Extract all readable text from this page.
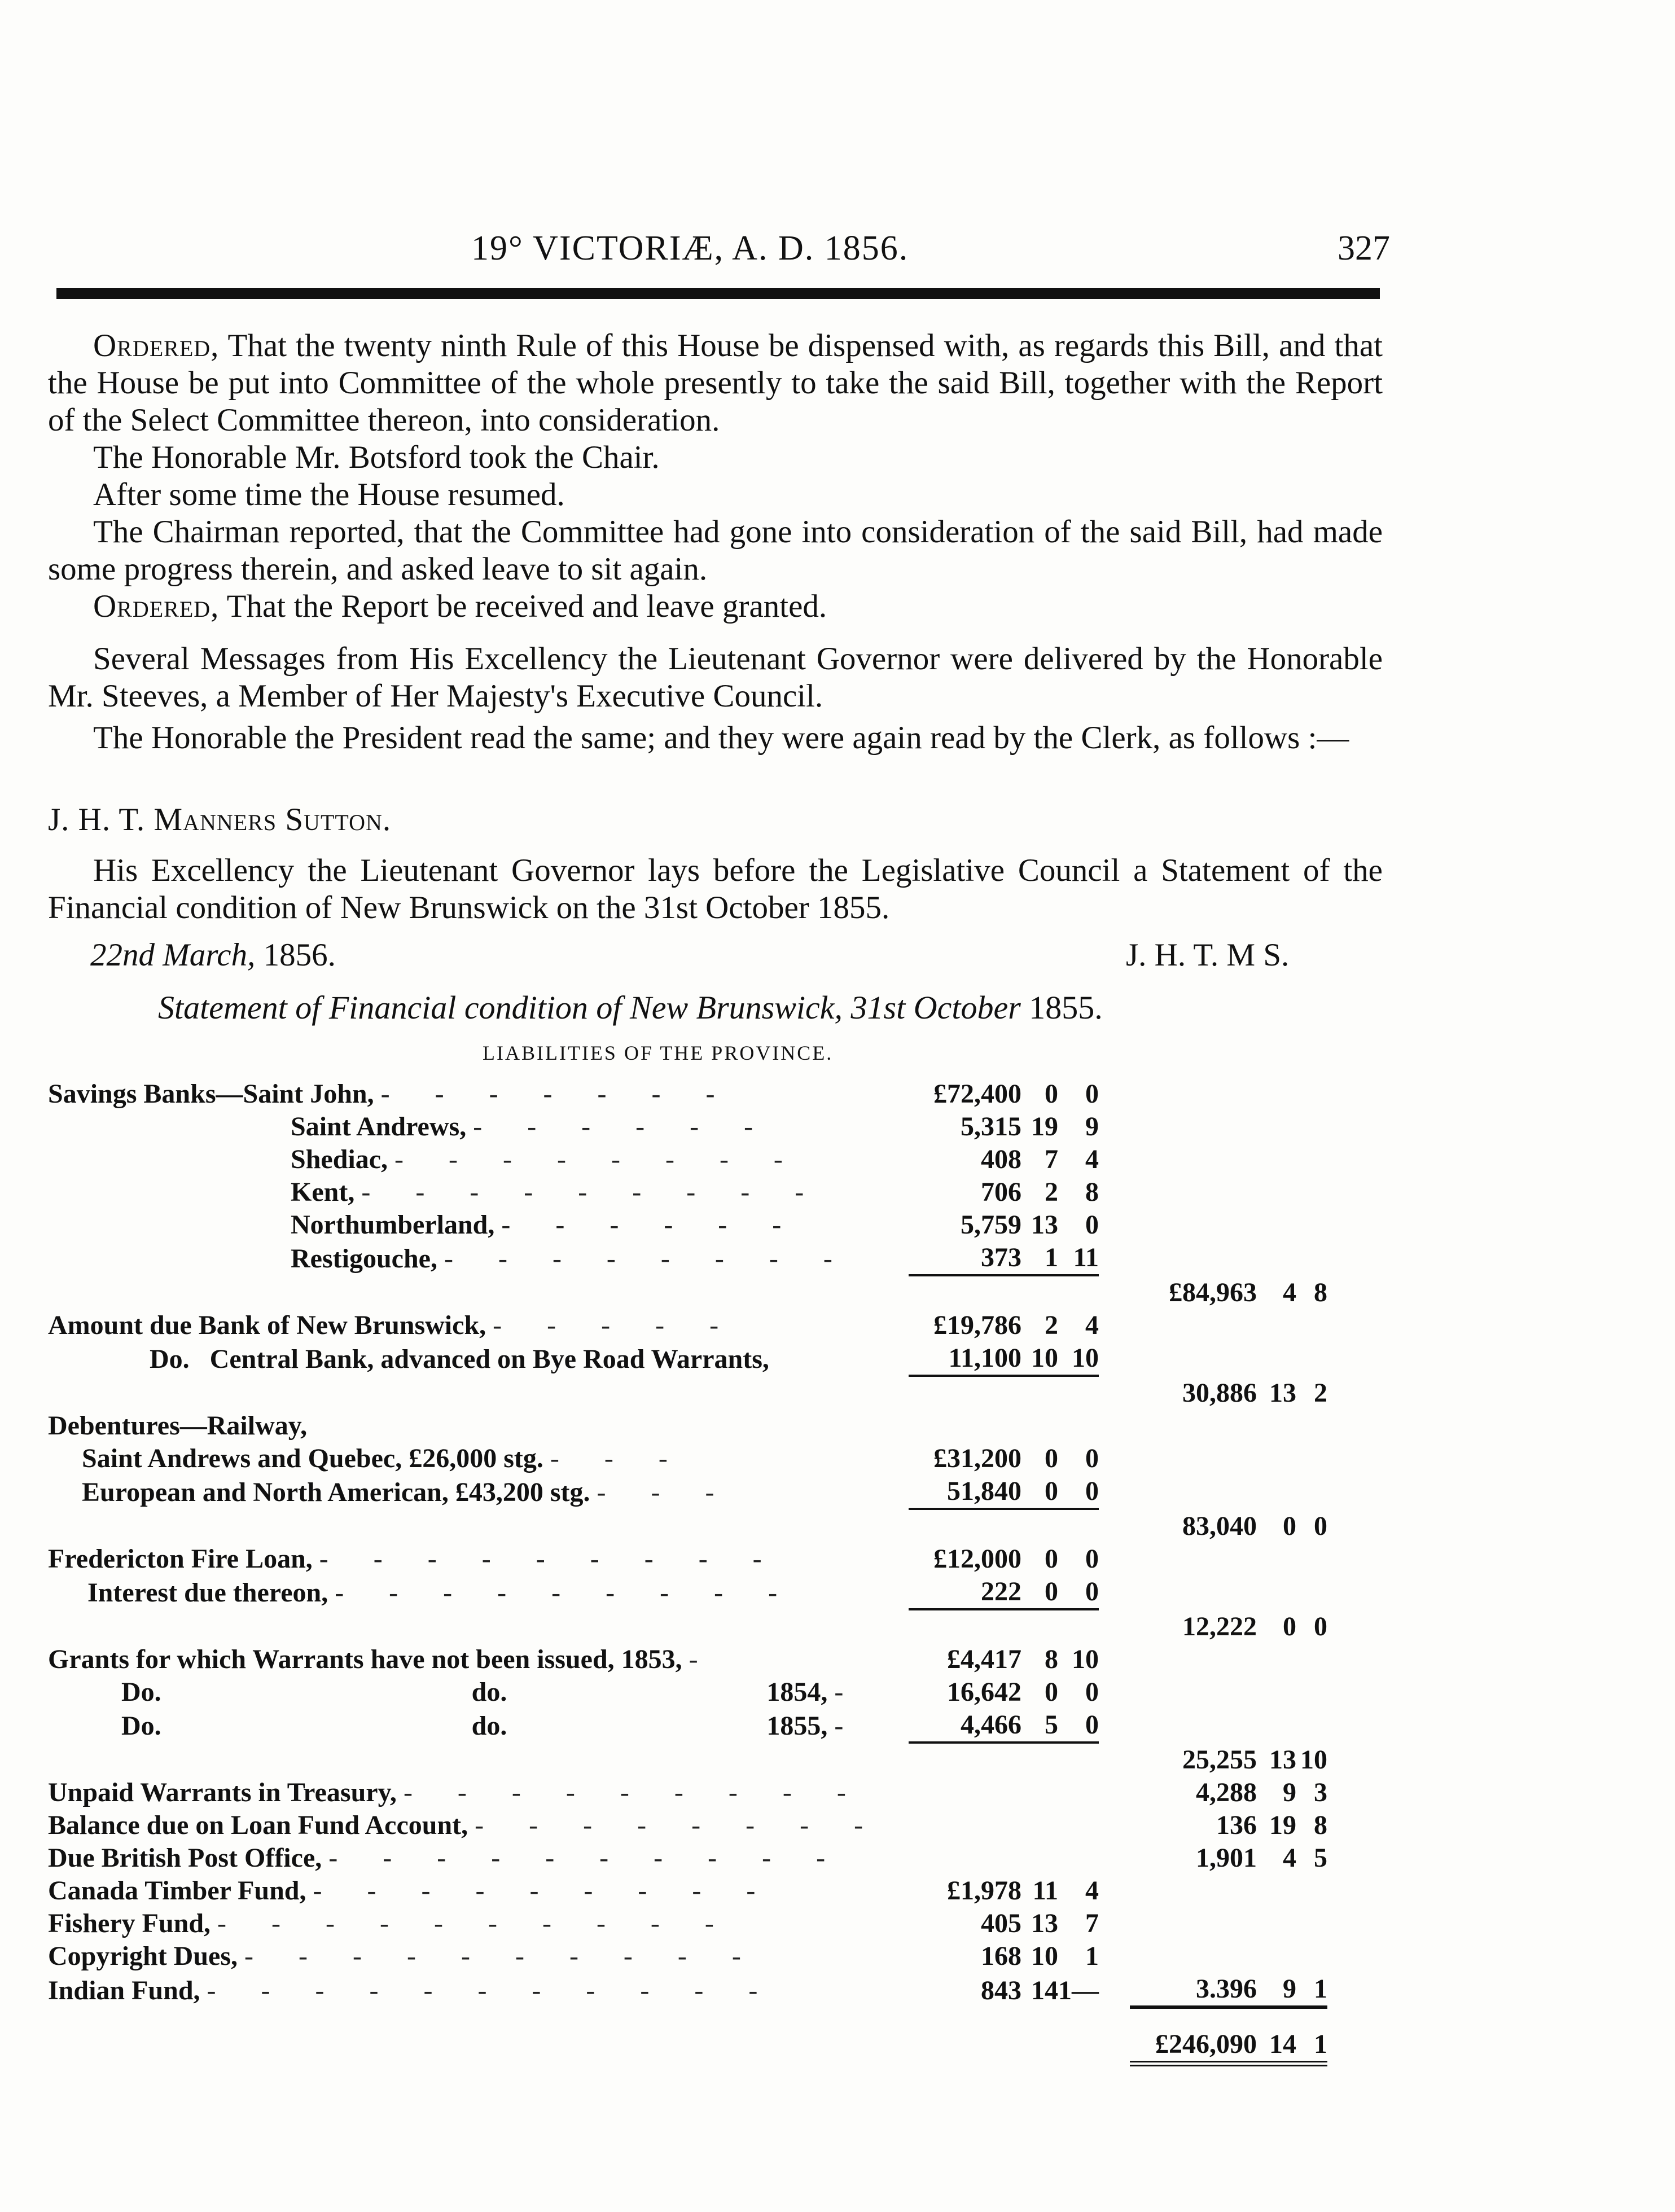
19° VICTORIÆ, A. D. 1856.	327

Ordered, That the twenty ninth Rule of this House be dispensed with, as regards this Bill, and that the House be put into Committee of the whole presently to take the said Bill, together with the Report of the Select Committee thereon, into consideration.

The Honorable Mr. Botsford took the Chair.

After some time the House resumed.

The Chairman reported, that the Committee had gone into consideration of the said Bill, had made some progress therein, and asked leave to sit again.

Ordered, That the Report be received and leave granted.

Several Messages from His Excellency the Lieutenant Governor were delivered by the Honorable Mr. Steeves, a Member of Her Majesty's Executive Council.

The Honorable the President read the same; and they were again read by the Clerk, as follows :—

J. H. T. Manners Sutton.

His Excellency the Lieutenant Governor lays before the Legislative Council a Statement of the Financial condition of New Brunswick on the 31st October 1855.

22nd March, 1856.	J. H. T. M S.
Statement of Financial condition of New Brunswick, 31st October 1855.
LIABILITIES OF THE PROVINCE.
Savings Banks—Saint John, - - - - - - -	£72,400	0	0				
Saint Andrews, - - - - - -	5,315	19	9				
Shediac, - - - - - - - -	408	7	4				
Kent, - - - - - - - - -	706	2	8				
Northumberland, - - - - - -	5,759	13	0				
Restigouche, - - - - - - - -	373	1	11				
					£84,963	4	8
Amount due Bank of New Brunswick, - - - - -	£19,786	2	4				
Do. Central Bank, advanced on Bye Road Warrants,	11,100	10	10				
					30,886	13	2
Debentures—Railway,							
Saint Andrews and Quebec, £26,000 stg. - - -	£31,200	0	0				
European and North American, £43,200 stg. - - -	51,840	0	0				
					83,040	0	0
Fredericton Fire Loan, - - - - - - - - -	£12,000	0	0				
Interest due thereon, - - - - - - - - -	222	0	0				
					12,222	0	0
Grants for which Warrants have not been issued, 1853, -	£4,417	8	10				
Do. do. 1854, -	16,642	0	0				
Do. do. 1855, -	4,466	5	0				
					25,255	13	10
Unpaid Warrants in Treasury, - - - - - - - - -					4,288	9	3
Balance due on Loan Fund Account, - - - - - - - -					136	19	8
Due British Post Office, - - - - - - - - - -					1,901	4	5
Canada Timber Fund, - - - - - - - - -	£1,978	11	4				
Fishery Fund, - - - - - - - - - -	405	13	7				
Copyright Dues, - - - - - - - - - -	168	10	1				
Indian Fund, - - - - - - - - - - -	843	14	1—		3.396	9	1

					£246,090	14	1
